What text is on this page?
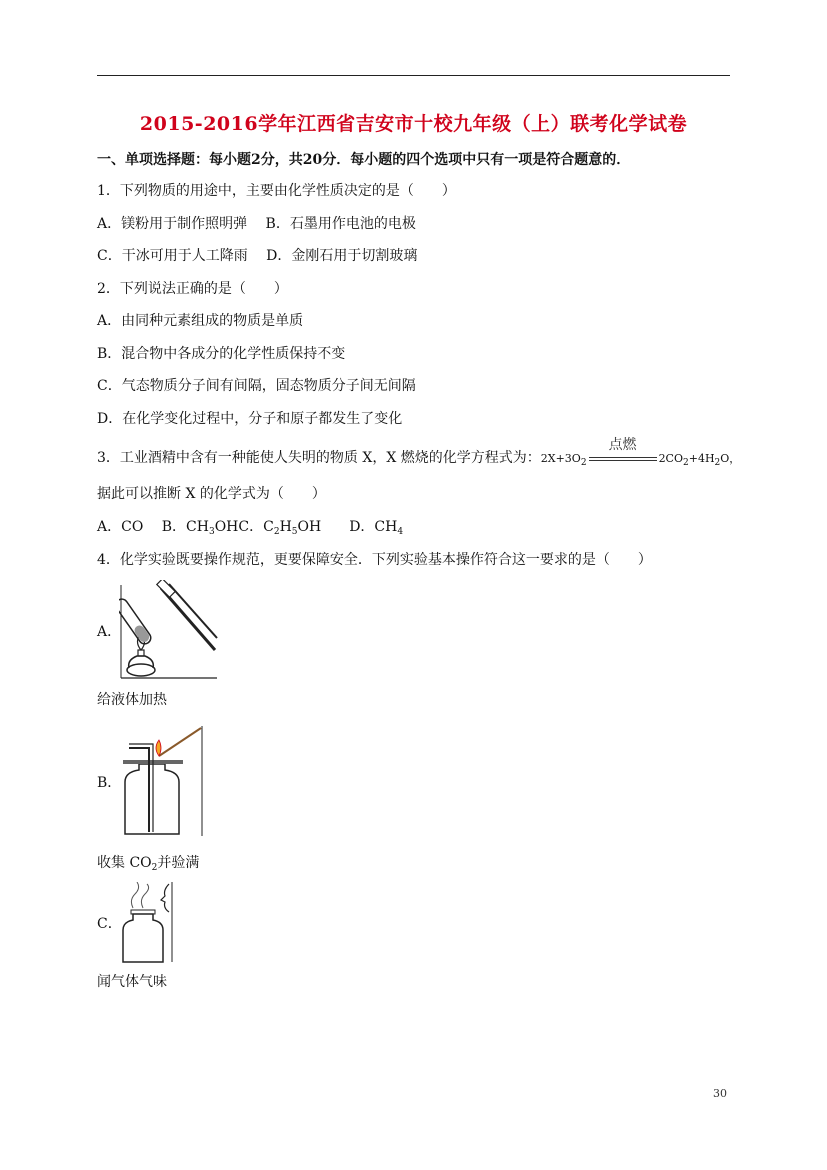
2015-2016学年江西省吉安市十校九年级（上）联考化学试卷
一、单项选择题：每小题2分，共20分．每小题的四个选项中只有一项是符合题意的．
1．下列物质的用途中，主要由化学性质决定的是（　　）
A．镁粉用于制作照明弹　 B．石墨用作电池的电极
C．干冰可用于人工降雨　 D．金刚石用于切割玻璃
2．下列说法正确的是（　　）
A．由同种元素组成的物质是单质
B．混合物中各成分的化学性质保持不变
C．气态物质分子间有间隔，固态物质分子间无间隔
D．在化学变化过程中，分子和原子都发生了变化
3．工业酒精中含有一种能使人失明的物质 X，X 燃烧的化学方程式为：$2X+3O_2$
点燃
$2CO_2+4H_2O$，
据此可以推断 X 的化学式为（　　）
A．CO　 B．$CH_3OHC$．$C_2H_5OH$　　D．$CH_4$
4．化学实验既要操作规范，更要保障安全．下列实验基本操作符合这一要求的是（　　）
A．
给液体加热
B．
收集 $CO_2$并验满
C．
闻气体气味
30
